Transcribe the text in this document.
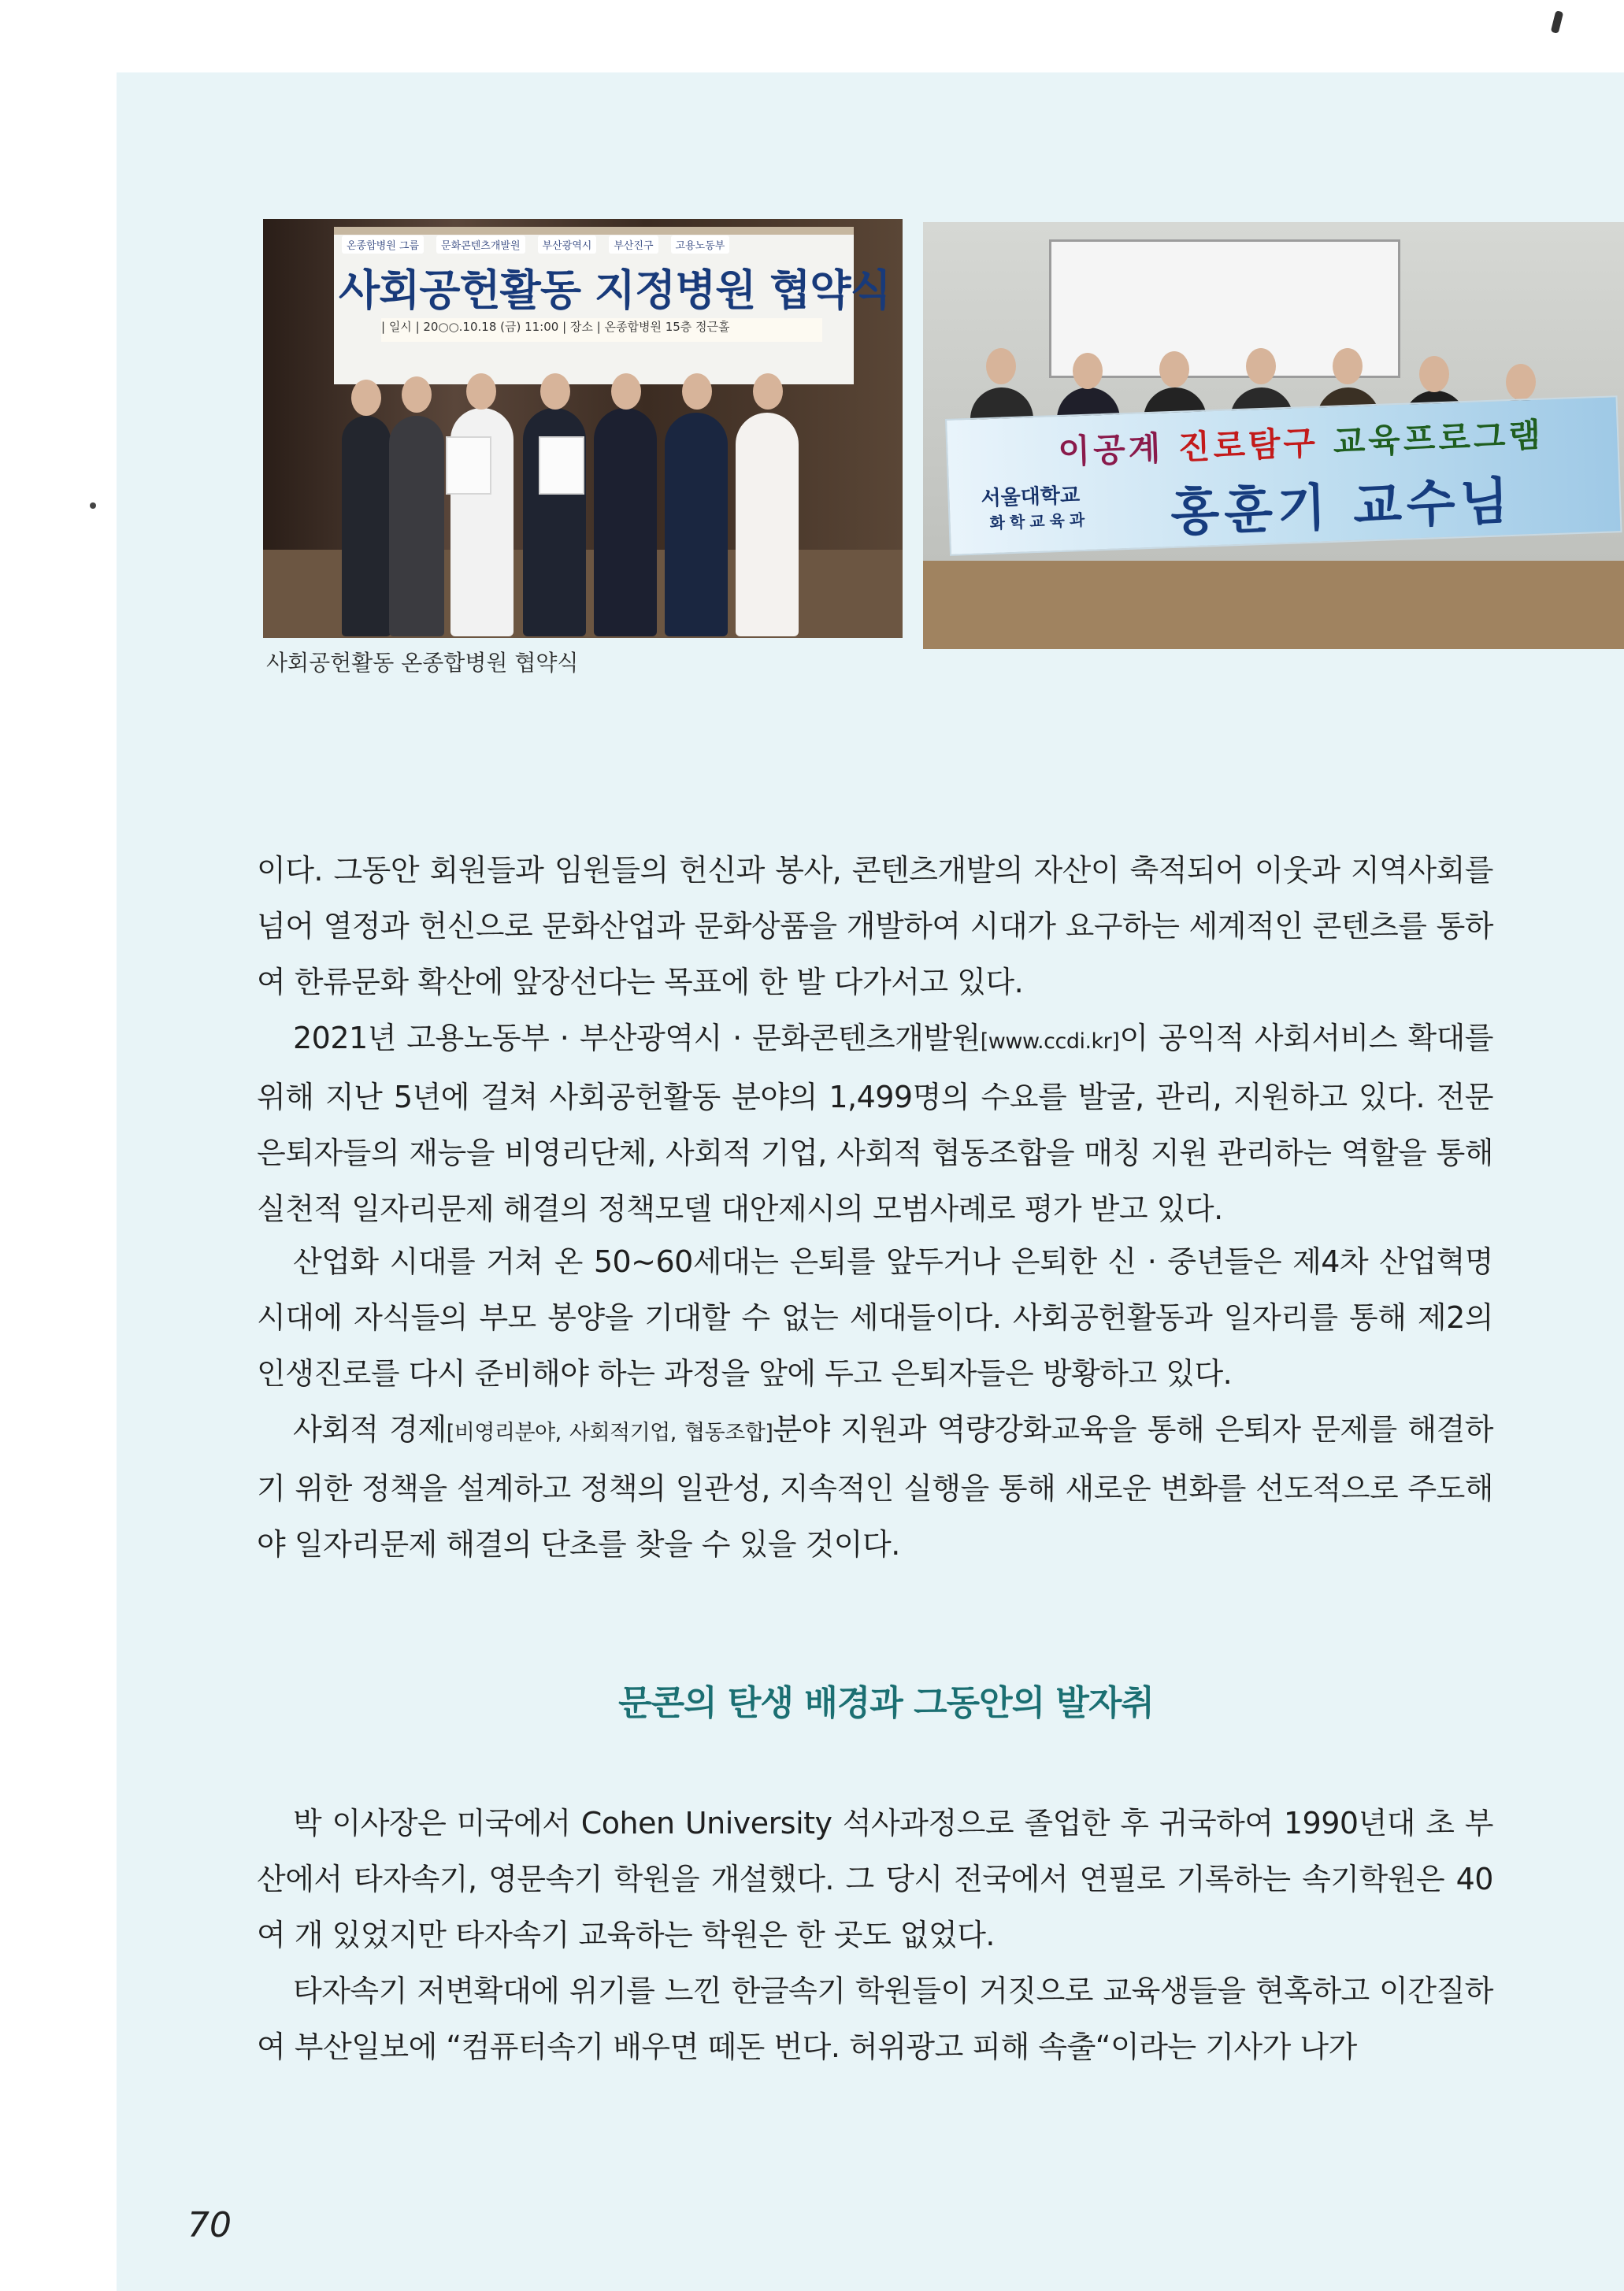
온종합병원 그룹	문화콘텐츠개발원	부산광역시	부산진구	고용노동부
사회공헌활동 지정병원 협약식
| 일시 | 20○○.10.18 (금) 11:00 | 장소 | 온종합병원 15층 정근홀
이공계 진로탐구 교육프로그램
서울대학교
화학교육과 홍훈기 교수님
사회공헌활동 온종합병원 협약식
이다. 그동안 회원들과 임원들의 헌신과 봉사, 콘텐츠개발의 자산이 축적되어 이웃과 지역사회를 넘어 열정과 헌신으로 문화산업과 문화상품을 개발하여 시대가 요구하는 세계적인 콘텐츠를 통하여 한류문화 확산에 앞장선다는 목표에 한 발 다가서고 있다.
2021년 고용노동부 · 부산광역시 · 문화콘텐츠개발원[www.ccdi.kr]이 공익적 사회서비스 확대를 위해 지난 5년에 걸쳐 사회공헌활동 분야의 1,499명의 수요를 발굴, 관리, 지원하고 있다. 전문은퇴자들의 재능을 비영리단체, 사회적 기업, 사회적 협동조합을 매칭 지원 관리하는 역할을 통해 실천적 일자리문제 해결의 정책모델 대안제시의 모범사례로 평가 받고 있다.
산업화 시대를 거쳐 온 50~60세대는 은퇴를 앞두거나 은퇴한 신 · 중년들은 제4차 산업혁명시대에 자식들의 부모 봉양을 기대할 수 없는 세대들이다. 사회공헌활동과 일자리를 통해 제2의 인생진로를 다시 준비해야 하는 과정을 앞에 두고 은퇴자들은 방황하고 있다.
사회적 경제[비영리분야, 사회적기업, 협동조합]분야 지원과 역량강화교육을 통해 은퇴자 문제를 해결하기 위한 정책을 설계하고 정책의 일관성, 지속적인 실행을 통해 새로운 변화를 선도적으로 주도해야 일자리문제 해결의 단초를 찾을 수 있을 것이다.
문콘의 탄생 배경과 그동안의 발자취
박 이사장은 미국에서 Cohen University 석사과정으로 졸업한 후 귀국하여 1990년대 초 부산에서 타자속기, 영문속기 학원을 개설했다. 그 당시 전국에서 연필로 기록하는 속기학원은 40여 개 있었지만 타자속기 교육하는 학원은 한 곳도 없었다.
타자속기 저변확대에 위기를 느낀 한글속기 학원들이 거짓으로 교육생들을 현혹하고 이간질하여 부산일보에 “컴퓨터속기 배우면 떼돈 번다. 허위광고 피해 속출“이라는 기사가 나가
70
